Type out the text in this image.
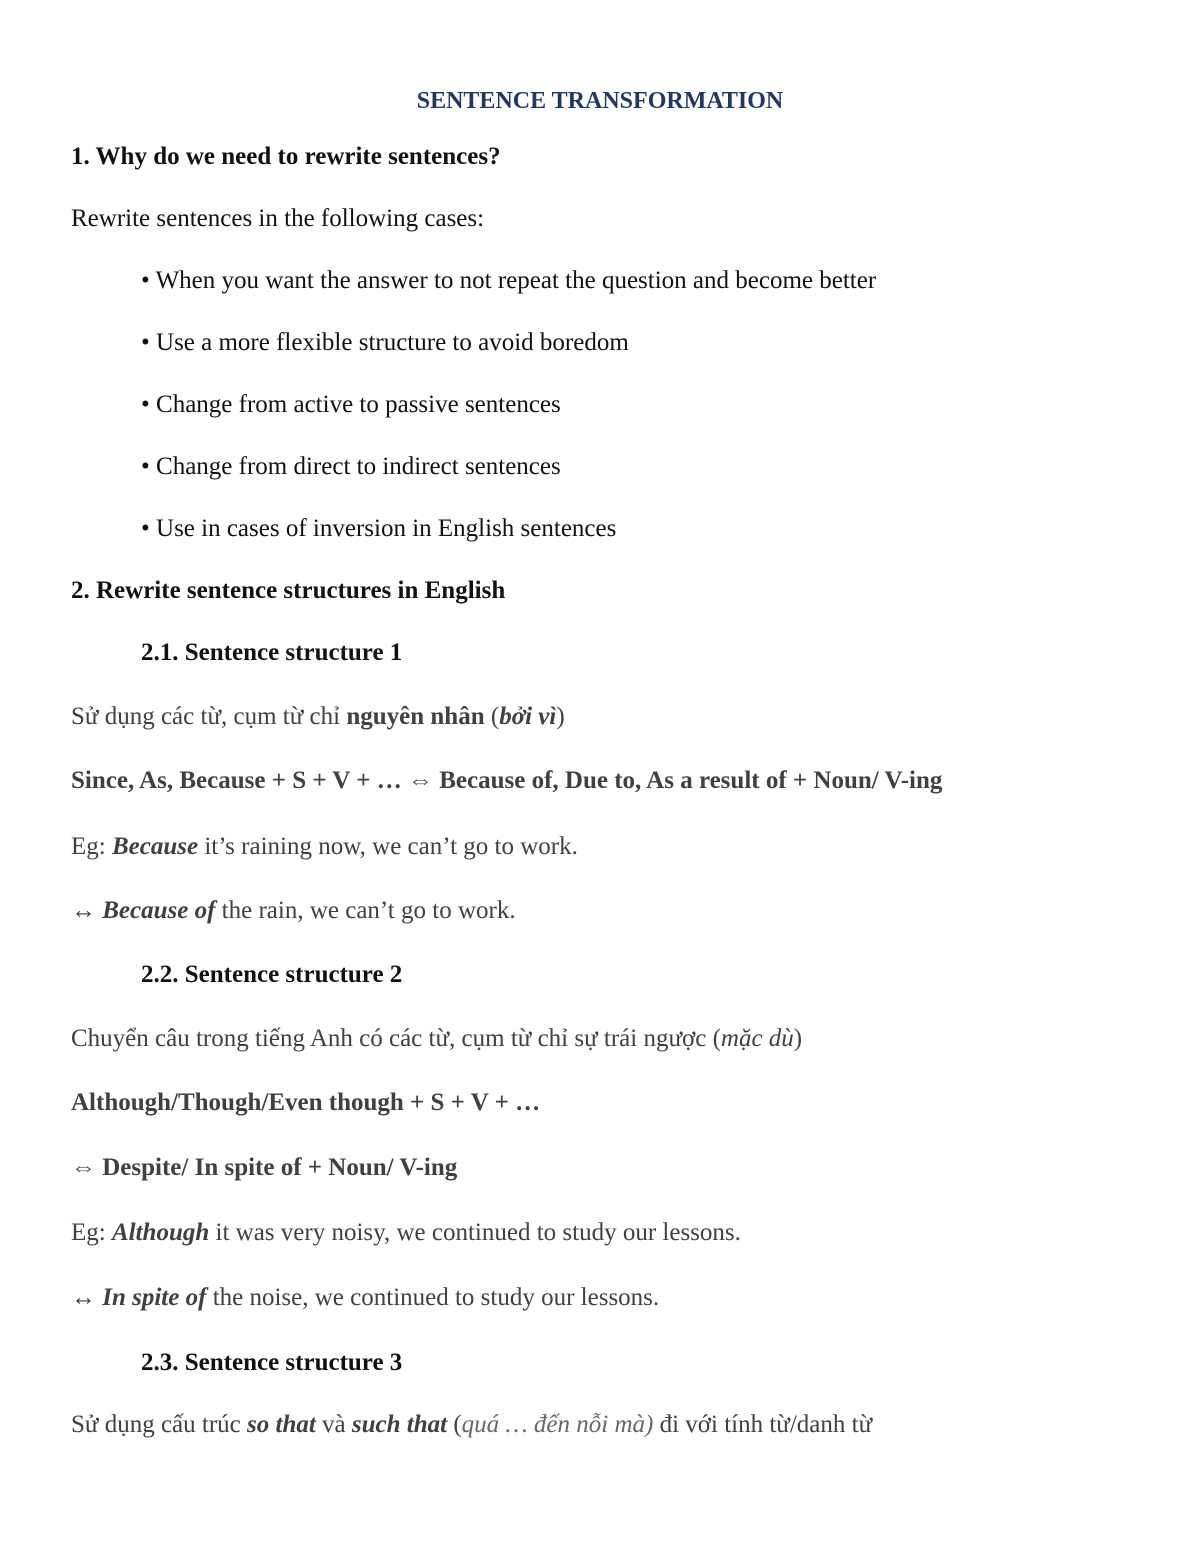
SENTENCE TRANSFORMATION
1. Why do we need to rewrite sentences?
Rewrite sentences in the following cases:
• When you want the answer to not repeat the question and become better
• Use a more flexible structure to avoid boredom
• Change from active to passive sentences
• Change from direct to indirect sentences
• Use in cases of inversion in English sentences
2. Rewrite sentence structures in English
2.1. Sentence structure 1
Sử dụng các từ, cụm từ chỉ nguyên nhân (bởi vì)
Since, As, Because + S + V + … ⇔ Because of, Due to, As a result of + Noun/ V-ing
Eg: Because it’s raining now, we can’t go to work.
↔ Because of the rain, we can’t go to work.
2.2. Sentence structure 2
Chuyển câu trong tiếng Anh có các từ, cụm từ chỉ sự trái ngược (mặc dù)
Although/Though/Even though + S + V + …
⇔ Despite/ In spite of + Noun/ V-ing
Eg: Although it was very noisy, we continued to study our lessons.
↔ In spite of the noise, we continued to study our lessons.
2.3. Sentence structure 3
Sử dụng cấu trúc so that và such that (quá … đến nỗi mà) đi với tính từ/danh từ
